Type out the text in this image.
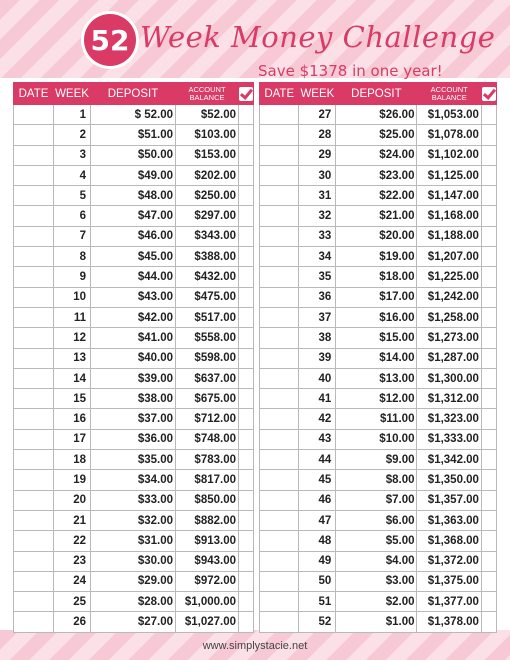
52 Week Money Challenge
Save $1378 in one year!
DATE	WEEK	DEPOSIT	ACCOUNT
BALANCE	
	1	$ 52.00	$52.00	
	2	$51.00	$103.00	
	3	$50.00	$153.00	
	4	$49.00	$202.00	
	5	$48.00	$250.00	
	6	$47.00	$297.00	
	7	$46.00	$343.00	
	8	$45.00	$388.00	
	9	$44.00	$432.00	
	10	$43.00	$475.00	
	11	$42.00	$517.00	
	12	$41.00	$558.00	
	13	$40.00	$598.00	
	14	$39.00	$637.00	
	15	$38.00	$675.00	
	16	$37.00	$712.00	
	17	$36.00	$748.00	
	18	$35.00	$783.00	
	19	$34.00	$817.00	
	20	$33.00	$850.00	
	21	$32.00	$882.00	
	22	$31.00	$913.00	
	23	$30.00	$943.00	
	24	$29.00	$972.00	
	25	$28.00	$1,000.00	
	26	$27.00	$1,027.00	
DATE	WEEK	DEPOSIT	ACCOUNT
BALANCE	
	27	$26.00	$1,053.00	
	28	$25.00	$1,078.00	
	29	$24.00	$1,102.00	
	30	$23.00	$1,125.00	
	31	$22.00	$1,147.00	
	32	$21.00	$1,168.00	
	33	$20.00	$1,188.00	
	34	$19.00	$1,207.00	
	35	$18.00	$1,225.00	
	36	$17.00	$1,242.00	
	37	$16.00	$1,258.00	
	38	$15.00	$1,273.00	
	39	$14.00	$1,287.00	
	40	$13.00	$1,300.00	
	41	$12.00	$1,312.00	
	42	$11.00	$1,323.00	
	43	$10.00	$1,333.00	
	44	$9.00	$1,342.00	
	45	$8.00	$1,350.00	
	46	$7.00	$1,357.00	
	47	$6.00	$1,363.00	
	48	$5.00	$1,368.00	
	49	$4.00	$1,372.00	
	50	$3.00	$1,375.00	
	51	$2.00	$1,377.00	
	52	$1.00	$1,378.00	
www.simplystacie.net
